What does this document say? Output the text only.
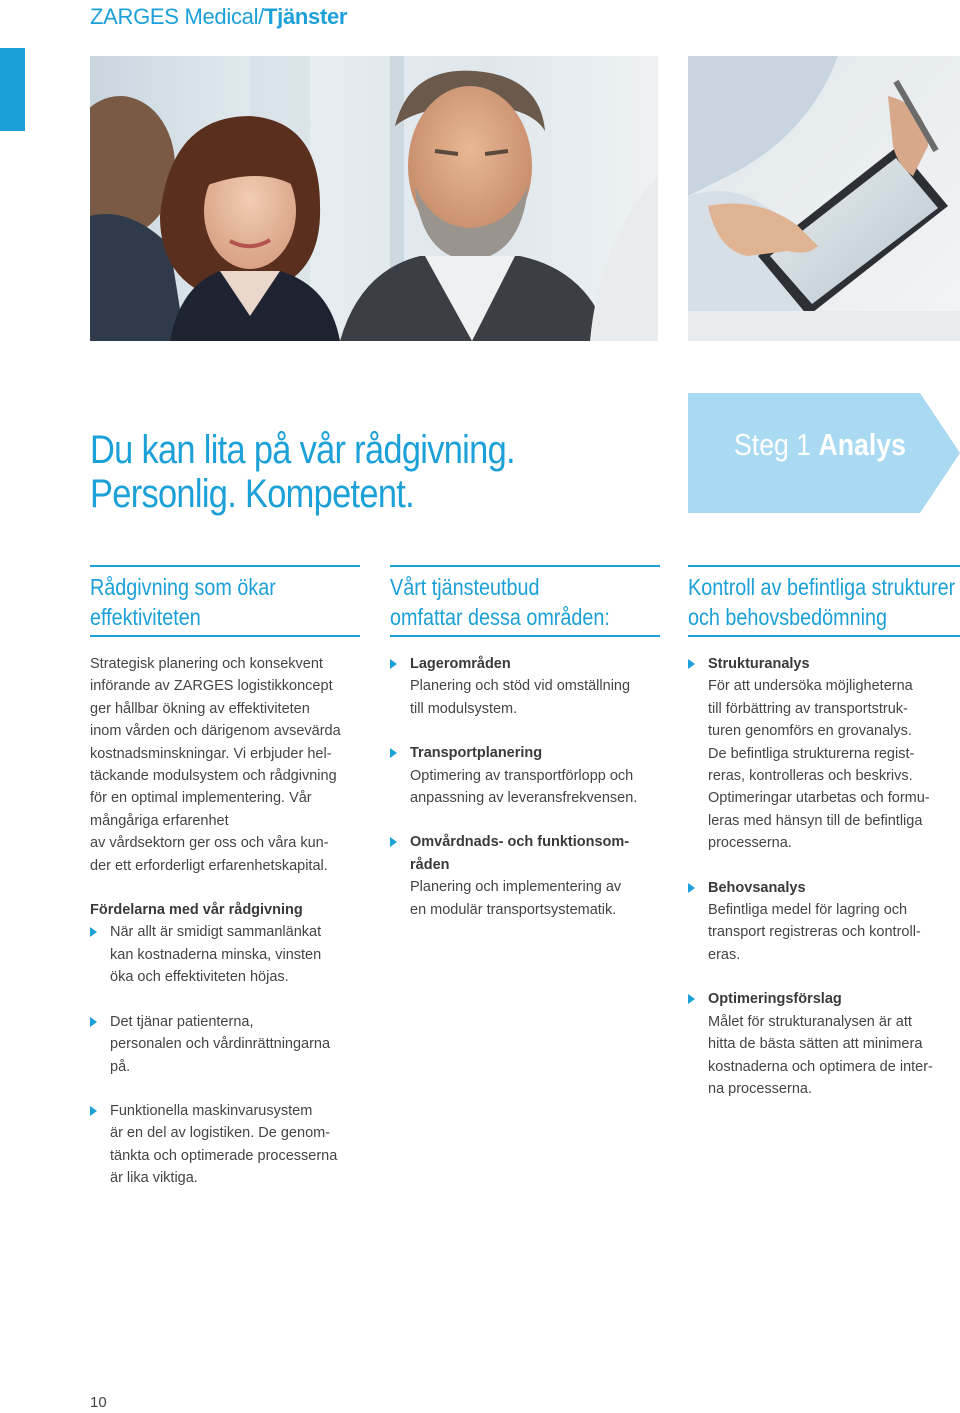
ZARGES Medical/Tjänster
Du kan lita på vår rådgivning.
Personlig. Kompetent.
Steg 1 Analys
Rådgivning som ökar
effektiviteten
Vårt tjänsteutbud
omfattar dessa områden:
Kontroll av befintliga strukturer
och behovsbedömning
Strategisk planering och konsekvent
införande av ZARGES logistikkoncept
ger hållbar ökning av effektiviteten
inom vården och därigenom avsevärda
kostnadsminskningar. Vi erbjuder hel-
täckande modulsystem och rådgivning
för en optimal implementering. Vår
mångåriga erfarenhet
av vårdsektorn ger oss och våra kun-
der ett erforderligt erfarenhetskapital.
Fördelarna med vår rådgivning
När allt är smidigt sammanlänkat
kan kostnaderna minska, vinsten
öka och effektiviteten höjas.
Det tjänar patienterna,
personalen och vårdinrättningarna
på.
Funktionella maskinvarusystem
är en del av logistiken. De genom-
tänkta och optimerade processerna
är lika viktiga.
Lagerområden
Planering och stöd vid omställning
till modulsystem.
Transportplanering
Optimering av transportförlopp och
anpassning av leveransfrekvensen.
Omvårdnads- och funktionsom-
råden
Planering och implementering av
en modulär transportsystematik.
Strukturanalys
För att undersöka möjligheterna
till förbättring av transportstruk-
turen genomförs en grovanalys.
De befintliga strukturerna regist-
reras, kontrolleras och beskrivs.
Optimeringar utarbetas och formu-
leras med hänsyn till de befintliga
processerna.
Behovsanalys
Befintliga medel för lagring och
transport registreras och kontroll-
eras.
Optimeringsförslag
Målet för strukturanalysen är att
hitta de bästa sätten att minimera
kostnaderna och optimera de inter-
na processerna.
10
